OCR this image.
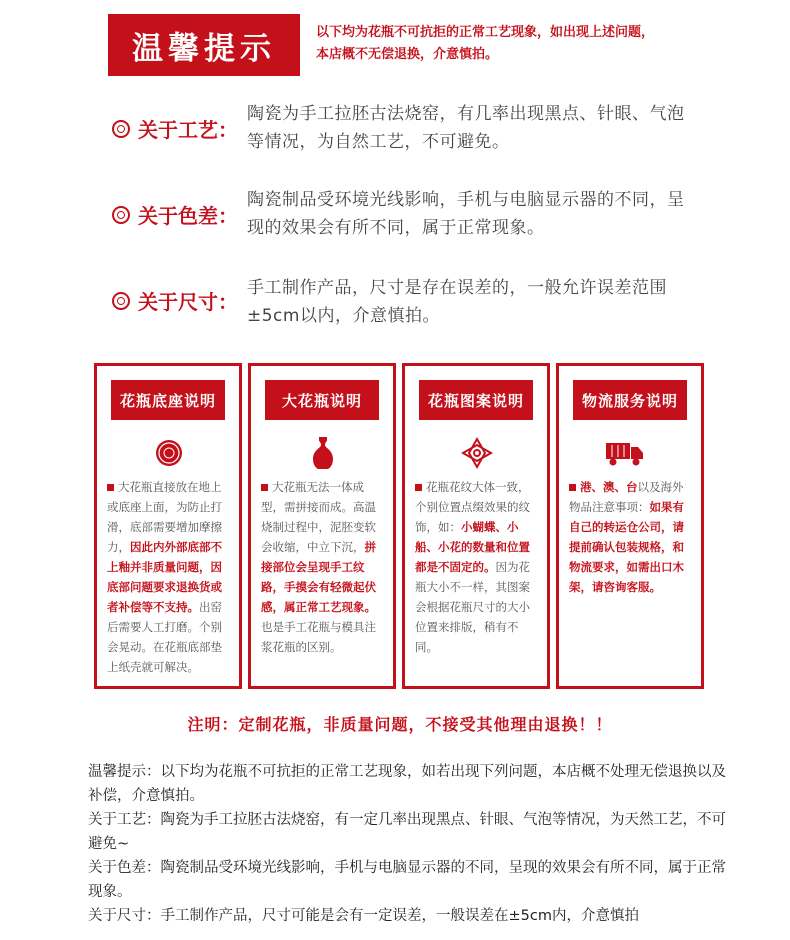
温馨提示	以下均为花瓶不可抗拒的正常工艺现象，如出现上述问题，
本店概不无偿退换，介意慎拍。
关于工艺：
陶瓷为手工拉胚古法烧窑，有几率出现黑点、针眼、气泡等情况，为自然工艺，不可避免。
关于色差：
陶瓷制品受环境光线影响，手机与电脑显示器的不同，呈现的效果会有所不同，属于正常现象。
关于尺寸：
手工制作产品，尺寸是存在误差的，一般允许误差范围±5cm以内，介意慎拍。
花瓶底座说明
大花瓶直接放在地上或底座上面，为防止打滑，底部需要增加摩擦力，因此内外部底部不上釉并非质量问题，因底部问题要求退换货或者补偿等不支持。出窑后需要人工打磨。个别会晃动。在花瓶底部垫上纸壳就可解决。
大花瓶说明
大花瓶无法一体成型，需拼接而成。高温烧制过程中，泥胚变软会收缩，中立下沉，拼接部位会呈现手工纹路，手摸会有轻微起伏感，属正常工艺现象。也是手工花瓶与模具注浆花瓶的区别。
花瓶图案说明
花瓶花纹大体一致，个别位置点缀效果的纹饰，如：小蝴蝶、小船、小花的数量和位置都是不固定的。因为花瓶大小不一样，其图案会根据花瓶尺寸的大小位置来排版，稍有不同。
物流服务说明
港、澳、台以及海外物品注意事项：如果有自己的转运仓公司，请提前确认包装规格，和物流要求，如需出口木架，请咨询客服。
注明：定制花瓶，非质量问题，不接受其他理由退换！！

温馨提示：以下均为花瓶不可抗拒的正常工艺现象，如若出现下列问题，本店概不处理无偿退换以及补偿，介意慎拍。

关于工艺：陶瓷为手工拉胚古法烧窑，有一定几率出现黑点、针眼、气泡等情况，为天然工艺，不可避免~

关于色差：陶瓷制品受环境光线影响，手机与电脑显示器的不同，呈现的效果会有所不同，属于正常现象。

关于尺寸：手工制作产品，尺寸可能是会有一定误差，一般误差在±5cm内，介意慎拍
